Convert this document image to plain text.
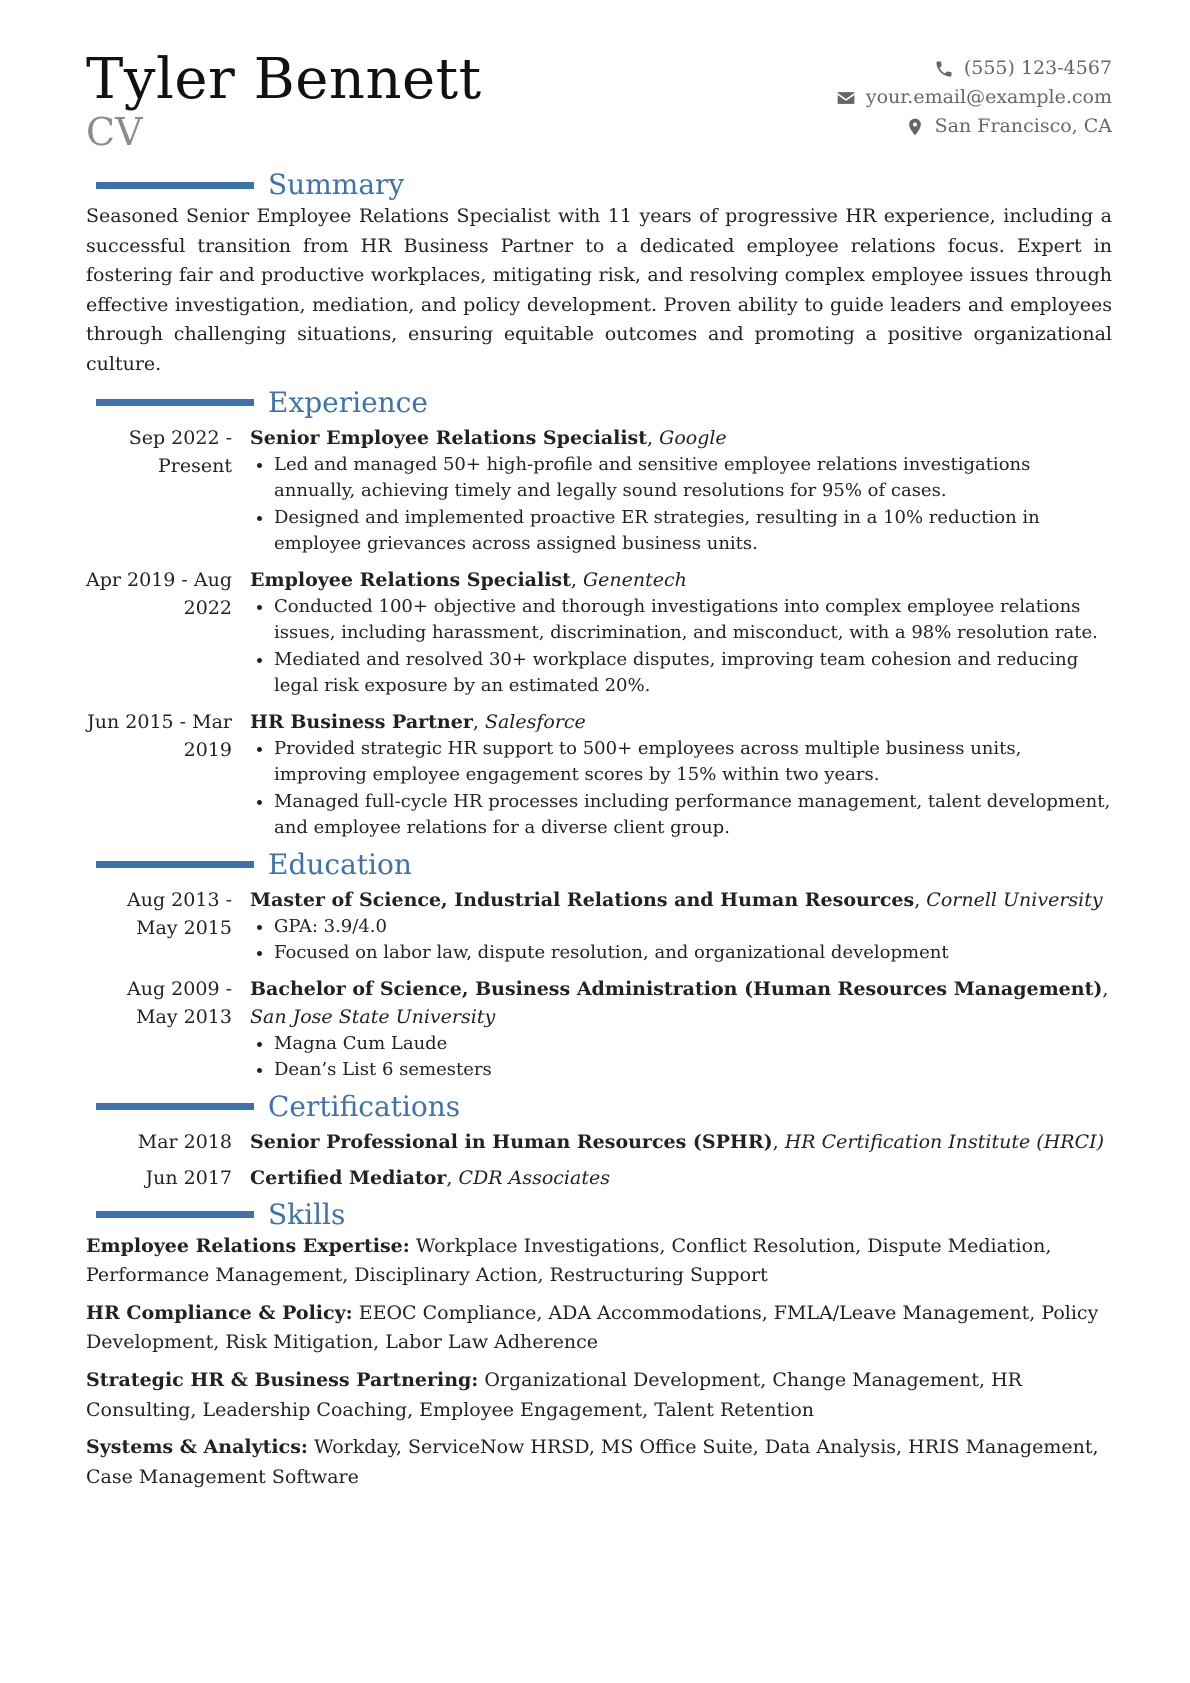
Tyler Bennett
CV
(555) 123-4567
your.email@example.com
San Francisco, CA
Summary

Seasoned Senior Employee Relations Specialist with 11 years of progressive HR experience, including a successful transition from HR Business Partner to a dedicated employee relations focus. Expert in fostering fair and productive workplaces, mitigating risk, and resolving complex employee issues through effective investigation, mediation, and policy development. Proven ability to guide leaders and employees through challenging situations, ensuring equitable outcomes and promoting a positive organizational culture.

Experience
Sep 2022 - Present
Senior Employee Relations Specialist, Google
• Led and managed 50+ high-profile and sensitive employee relations investigations annually, achieving timely and legally sound resolutions for 95% of cases.
• Designed and implemented proactive ER strategies, resulting in a 10% reduction in employee grievances across assigned business units.
Apr 2019 - Aug 2022
Employee Relations Specialist, Genentech
• Conducted 100+ objective and thorough investigations into complex employee relations issues, including harassment, discrimination, and misconduct, with a 98% resolution rate.
• Mediated and resolved 30+ workplace disputes, improving team cohesion and reducing legal risk exposure by an estimated 20%.
Jun 2015 - Mar 2019
HR Business Partner, Salesforce
• Provided strategic HR support to 500+ employees across multiple business units, improving employee engagement scores by 15% within two years.
• Managed full-cycle HR processes including performance management, talent development, and employee relations for a diverse client group.
Education
Aug 2013 - May 2015
Master of Science, Industrial Relations and Human Resources, Cornell University
• GPA: 3.9/4.0
• Focused on labor law, dispute resolution, and organizational development
Aug 2009 - May 2013
Bachelor of Science, Business Administration (Human Resources Management), San Jose State University
• Magna Cum Laude
• Dean’s List 6 semesters
Certifications
Mar 2018 Senior Professional in Human Resources (SPHR), HR Certification Institute (HRCI)
Jun 2017 Certified Mediator, CDR Associates
Skills
Employee Relations Expertise: Workplace Investigations, Conflict Resolution, Dispute Mediation, Performance Management, Disciplinary Action, Restructuring Support
HR Compliance & Policy: EEOC Compliance, ADA Accommodations, FMLA/Leave Management, Policy Development, Risk Mitigation, Labor Law Adherence
Strategic HR & Business Partnering: Organizational Development, Change Management, HR Consulting, Leadership Coaching, Employee Engagement, Talent Retention
Systems & Analytics: Workday, ServiceNow HRSD, MS Office Suite, Data Analysis, HRIS Management, Case Management Software
